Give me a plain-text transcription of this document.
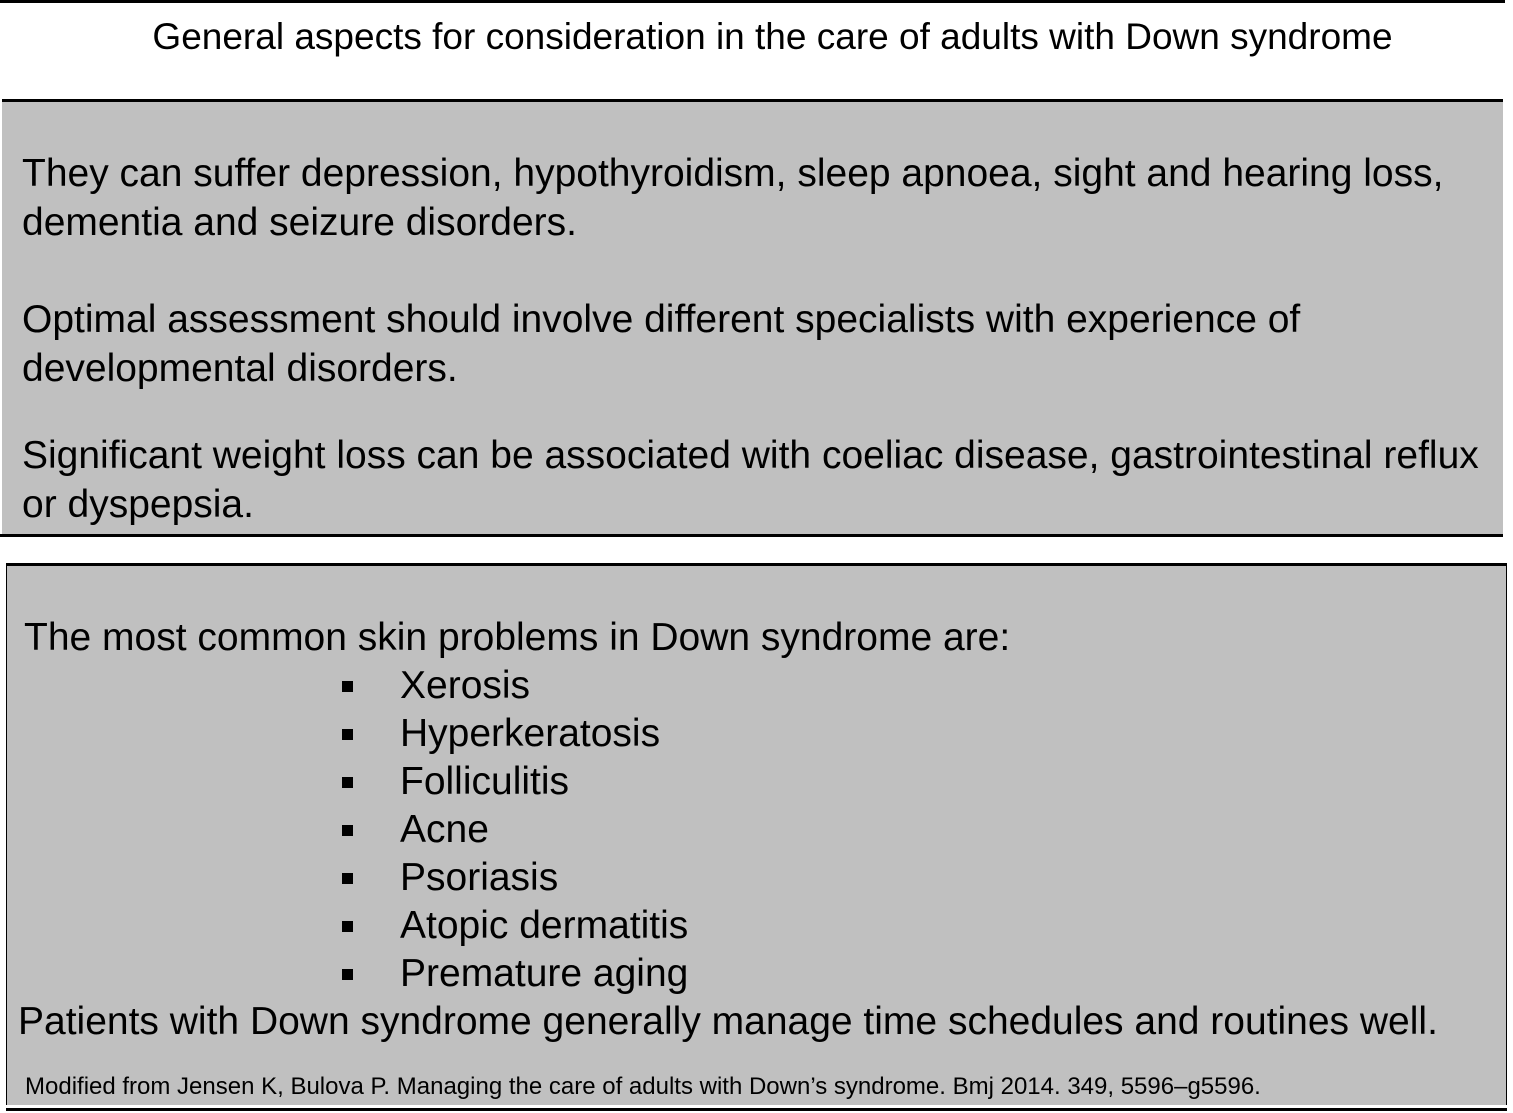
General aspects for consideration in the care of adults with Down syndrome

They can suffer depression, hypothyroidism, sleep apnoea, sight and hearing loss, dementia and seizure disorders.

Optimal assessment should involve different specialists with experience of developmental disorders.

Significant weight loss can be associated with coeliac disease, gastrointestinal reflux or dyspepsia.

The most common skin problems in Down syndrome are:
Xerosis
Hyperkeratosis
Folliculitis
Acne
Psoriasis
Atopic dermatitis
Premature aging
Patients with Down syndrome generally manage time schedules and routines well.
Modified from Jensen K, Bulova P. Managing the care of adults with Down’s syndrome. Bmj 2014. 349, 5596–g5596.
